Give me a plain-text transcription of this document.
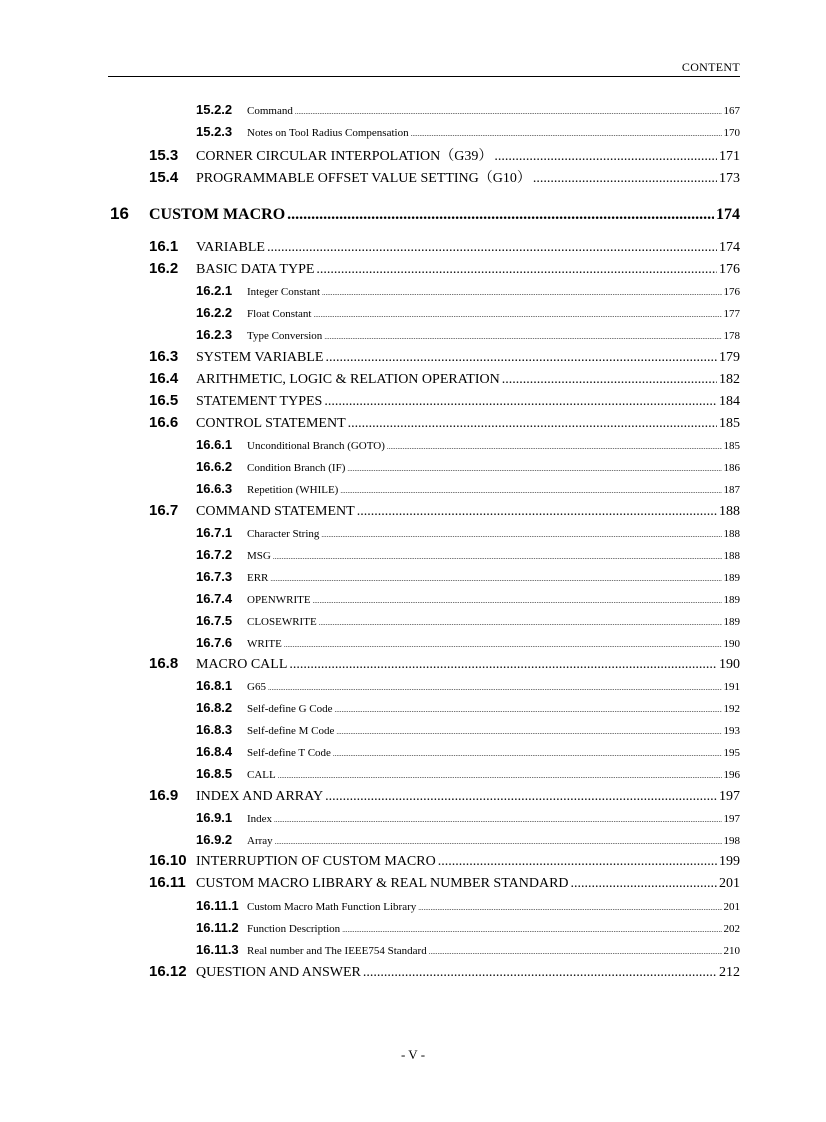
CONTENT
15.2.2	Command .....	167
15.2.3	Notes on Tool Radius Compensation .....	170
15.3	CORNER CIRCULAR INTERPOLATION（G39） .....	171
15.4	PROGRAMMABLE OFFSET VALUE SETTING（G10） .....	173
16	CUSTOM MACRO .....	174
16.1	VARIABLE .....	174
16.2	BASIC DATA TYPE .....	176
16.2.1	Integer Constant .....	176
16.2.2	Float Constant .....	177
16.2.3	Type Conversion .....	178
16.3	SYSTEM VARIABLE .....	179
16.4	ARITHMETIC, LOGIC & RELATION OPERATION .....	182
16.5	STATEMENT TYPES .....	184
16.6	CONTROL STATEMENT .....	185
16.6.1	Unconditional Branch (GOTO) .....	185
16.6.2	Condition Branch (IF) .....	186
16.6.3	Repetition (WHILE) .....	187
16.7	COMMAND STATEMENT .....	188
16.7.1	Character String .....	188
16.7.2	MSG .....	188
16.7.3	ERR .....	189
16.7.4	OPENWRITE .....	189
16.7.5	CLOSEWRITE .....	189
16.7.6	WRITE .....	190
16.8	MACRO CALL .....	190
16.8.1	G65 .....	191
16.8.2	Self-define G Code .....	192
16.8.3	Self-define M Code .....	193
16.8.4	Self-define T Code .....	195
16.8.5	CALL .....	196
16.9	INDEX AND ARRAY .....	197
16.9.1	Index .....	197
16.9.2	Array .....	198
16.10 INTERRUPTION OF CUSTOM MACRO .....	199
16.11 CUSTOM MACRO LIBRARY & REAL NUMBER STANDARD .....	201
16.11.1 Custom Macro Math Function Library .....	201
16.11.2 Function Description .....	202
16.11.3 Real number and The IEEE754 Standard .....	210
16.12 QUESTION AND ANSWER .....	212
- V -
